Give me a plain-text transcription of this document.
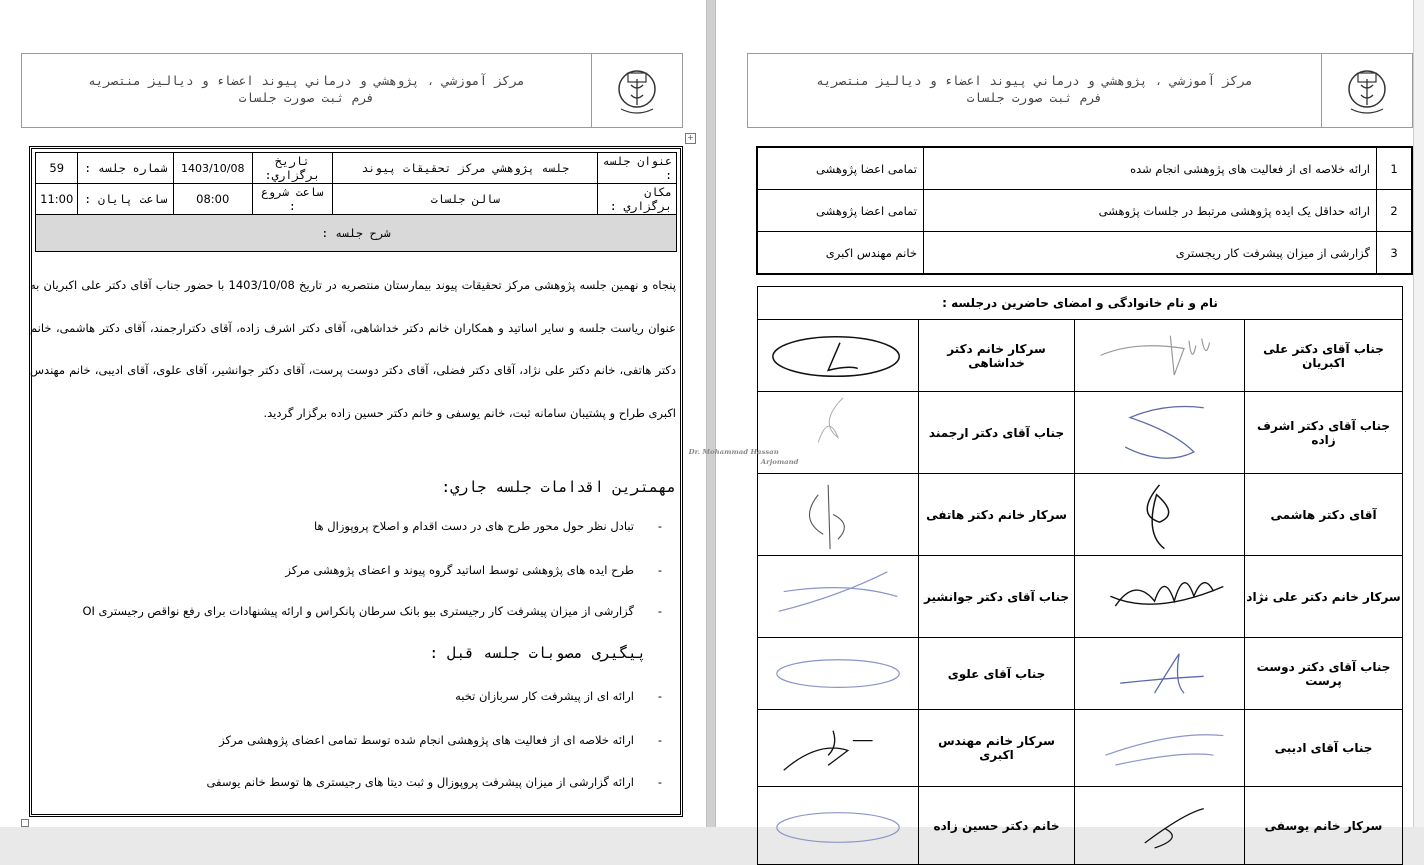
مرکز آموزشي ، پژوهشي و درماني پيوند اعضاء و دياليز منتصريه
فرم ثبت صورت جلسات
+
عنوان جلسه :	جلسه پژوهشي مرکز تحقيقات پيوند	تاريخ برگزاري:	1403/10/08	شماره جلسه :	59
مكان برگزاري :	سالن جلسات	ساعت شروع :	08:00	ساعت پايان :	11:00
شرح جلسه :					
پنجاه و نهمین جلسه پژوهشی مرکز تحقیقات پیوند بیمارستان منتصریه در تاریخ 1403/10/08 با حضور جناب آقای دکتر علی اکبریان به عنوان ریاست جلسه و سایر اساتید و همکاران خانم دکتر خداشاهی، آقای دکتر اشرف زاده، آقای دکترارجمند، آقای دکتر هاشمی، خانم دکتر هاتفی، خانم دکتر علی نژاد، آقای دکتر فضلی، آقای دکتر دوست پرست، آقای دکتر جوانشیر، آقای علوی، آقای ادیبی، خانم مهندس اکبری طراح و پشتیبان سامانه ثبت، خانم یوسفی و خانم دکتر حسین زاده برگزار گردید.
مهمترين اقدامات جلسه جاري:
- تبادل نظر حول محور طرح های در دست اقدام و اصلاح پروپوزال ها
- طرح ایده های پژوهشی توسط اساتید گروه پیوند و اعضای پژوهشی مرکز
- گزارشی از میزان پیشرفت کار رجیستری بیو بانک سرطان پانکراس و ارائه پیشنهادات برای رفع نواقص رجیستری OI
پيگيری مصوبات جلسه قبل :
- ارائه ای از پیشرفت کار سربازان تخبه
- ارائه خلاصه ای از فعالیت های پژوهشی انجام شده توسط تمامی اعضای پژوهشی مرکز
- ارائه گزارشی از میزان پیشرفت پروپوزال و ثبت دیتا های رجیستری ها توسط خانم یوسفی
مرکز آموزشي ، پژوهشي و درماني پيوند اعضاء و دياليز منتصريه
فرم ثبت صورت جلسات
1	ارائه خلاصه ای از فعالیت های پژوهشی انجام شده	تمامی اعضا پژوهشی
2	ارائه حداقل یک ایده پژوهشی مرتبط در جلسات پژوهشی	تمامی اعضا پژوهشی
3	گزارشی از میزان پیشرفت کار ریجستری	خانم مهندس اکبری
نام و نام خانوادگی و امضای حاضرین درجلسه :			
جناب آقای دکتر علی اکبریان		سرکار خانم دکتر خداشاهی	

جناب آقای دکتر اشرف زاده		جناب آقای دکتر ارجمند	Dr. Mohammad Hassan
Arjomand

آقای دکتر هاشمی		سرکار خانم دکتر هاتفی	

سرکار خانم دکتر علی نژاد		جناب آقای دکتر جوانشیر	

جناب آقای دکتر دوست پرست		جناب آقای علوی	

جناب آقای ادیبی		سرکار خانم مهندس اکبری	

سرکار خانم یوسفی		خانم دکتر حسین زاده	
